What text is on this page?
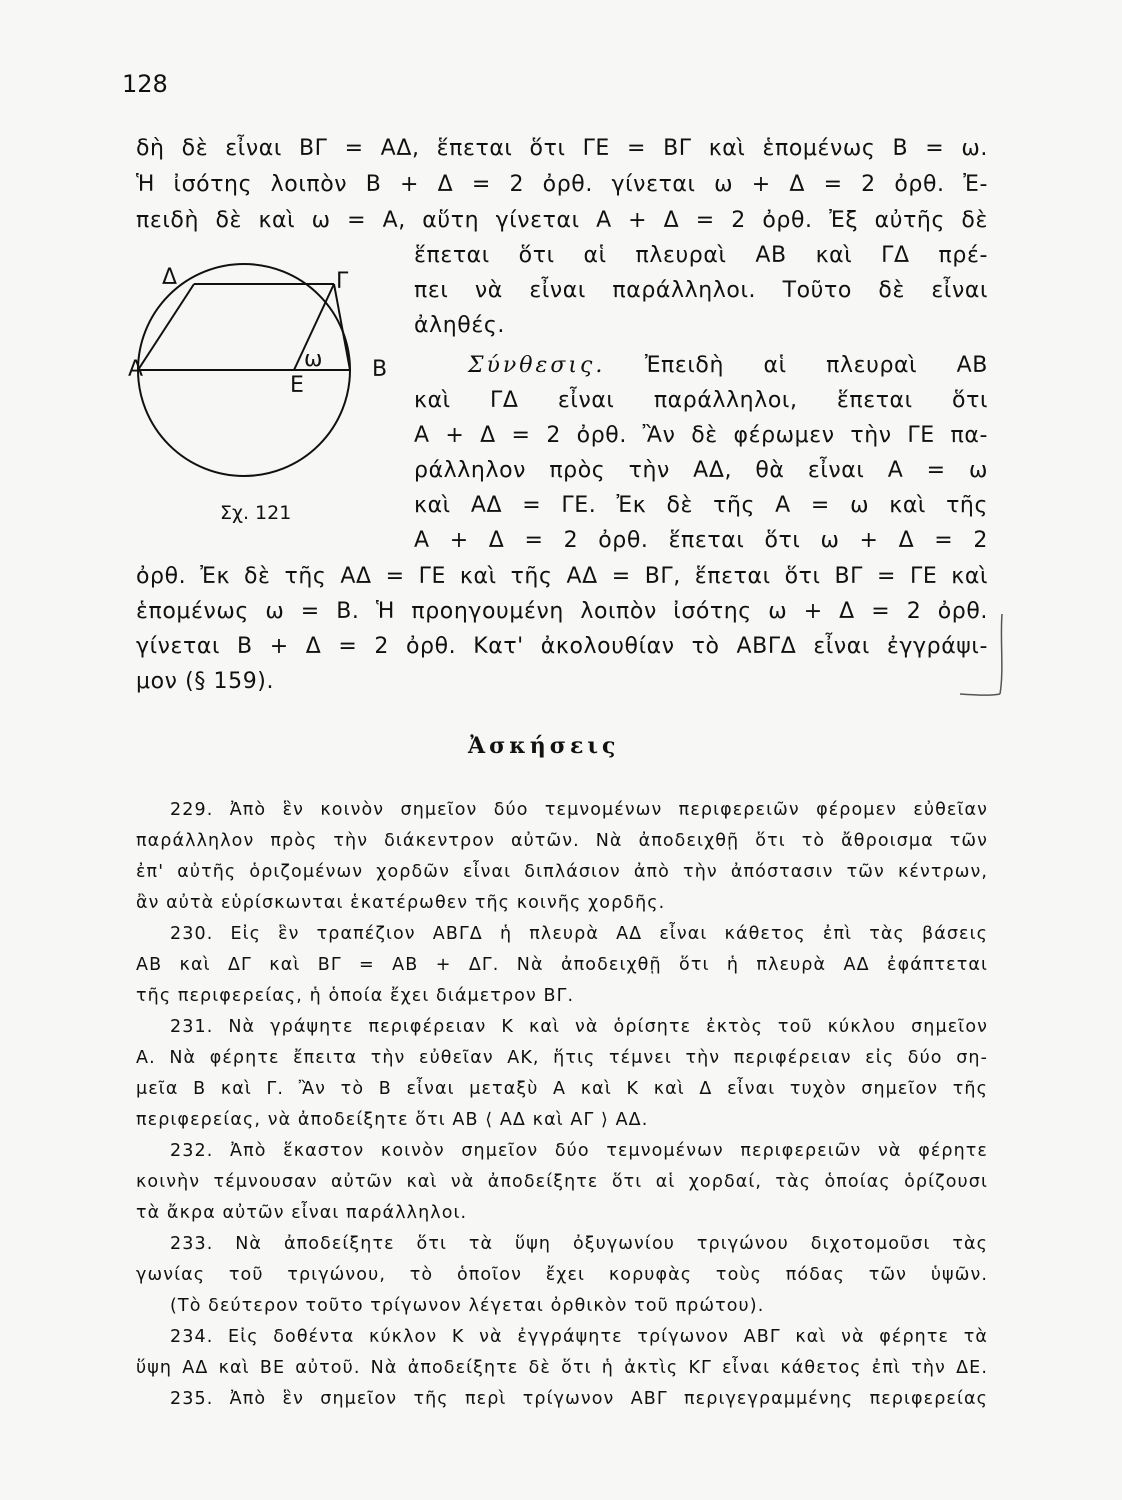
128
δὴ δὲ εἶναι ΒΓ = ΑΔ, ἕπεται ὅτι ΓΕ = ΒΓ καὶ ἑπομένως Β = ω.
Ἡ ἰσότης λοιπὸν Β + Δ = 2 ὀρθ. γίνεται ω + Δ = 2 ὀρθ. Ἐ-
πειδὴ δὲ καὶ ω = Α, αὕτη γίνεται Α + Δ = 2 ὀρθ. Ἐξ αὐτῆς δὲ
ἕπεται ὅτι αἱ πλευραὶ ΑΒ καὶ ΓΔ πρέ-
πει νὰ εἶναι παράλληλοι. Τοῦτο δὲ εἶναι
ἀληθές.
Σύνθεσις. Ἐπειδὴ αἱ πλευραὶ ΑΒ
καὶ ΓΔ εἶναι παράλληλοι, ἕπεται ὅτι
Α + Δ = 2 ὀρθ. Ἂν δὲ φέρωμεν τὴν ΓΕ πα-
ράλληλον πρὸς τὴν ΑΔ, θὰ εἶναι Α = ω
καὶ ΑΔ = ΓΕ. Ἐκ δὲ τῆς Α = ω καὶ τῆς
Α + Δ = 2 ὀρθ. ἕπεται ὅτι ω + Δ = 2
ὀρθ. Ἐκ δὲ τῆς ΑΔ = ΓΕ καὶ τῆς ΑΔ = ΒΓ, ἕπεται ὅτι ΒΓ = ΓΕ καὶ
ἑπομένως ω = Β. Ἡ προηγουμένη λοιπὸν ἰσότης ω + Δ = 2 ὀρθ.
γίνεται Β + Δ = 2 ὀρθ. Κατ' ἀκολουθίαν τὸ ΑΒΓΔ εἶναι ἐγγράψι-
μον (§ 159).
Δ	Γ
Α	Β
Ε
ω
Σχ. 121
Ἀσκήσεις
229. Ἀπὸ ἓν κοινὸν σημεῖον δύο τεμνομένων περιφερειῶν φέρομεν εὐθεῖαν
παράλληλον πρὸς τὴν διάκεντρον αὐτῶν. Νὰ ἀποδειχθῇ ὅτι τὸ ἄθροισμα τῶν
ἐπ' αὐτῆς ὁριζομένων χορδῶν εἶναι διπλάσιον ἀπὸ τὴν ἀπόστασιν τῶν κέντρων,
ἂν αὐτὰ εὑρίσκωνται ἑκατέρωθεν τῆς κοινῆς χορδῆς.
230. Εἰς ἓν τραπέζιον ΑΒΓΔ ἡ πλευρὰ ΑΔ εἶναι κάθετος ἐπὶ τὰς βάσεις
ΑΒ καὶ ΔΓ καὶ ΒΓ = ΑΒ + ΔΓ. Νὰ ἀποδειχθῇ ὅτι ἡ πλευρὰ ΑΔ ἐφάπτεται
τῆς περιφερείας, ἡ ὁποία ἔχει διάμετρον ΒΓ.
231. Νὰ γράψητε περιφέρειαν Κ καὶ νὰ ὁρίσητε ἐκτὸς τοῦ κύκλου σημεῖον
Α. Νὰ φέρητε ἔπειτα τὴν εὐθεῖαν ΑΚ, ἥτις τέμνει τὴν περιφέρειαν εἰς δύο ση-
μεῖα Β καὶ Γ. Ἂν τὸ Β εἶναι μεταξὺ Α καὶ Κ καὶ Δ εἶναι τυχὸν σημεῖον τῆς
περιφερείας, νὰ ἀποδείξητε ὅτι ΑΒ ⟨ ΑΔ καὶ ΑΓ ⟩ ΑΔ.
232. Ἀπὸ ἕκαστον κοινὸν σημεῖον δύο τεμνομένων περιφερειῶν νὰ φέρητε
κοινὴν τέμνουσαν αὐτῶν καὶ νὰ ἀποδείξητε ὅτι αἱ χορδαί, τὰς ὁποίας ὁρίζουσι
τὰ ἄκρα αὐτῶν εἶναι παράλληλοι.
233. Νὰ ἀποδείξητε ὅτι τὰ ὕψη ὀξυγωνίου τριγώνου διχοτομοῦσι τὰς
γωνίας τοῦ τριγώνου, τὸ ὁποῖον ἔχει κορυφὰς τοὺς πόδας τῶν ὑψῶν.
(Τὸ δεύτερον τοῦτο τρίγωνον λέγεται ὀρθικὸν τοῦ πρώτου).
234. Εἰς δοθέντα κύκλον Κ νὰ ἐγγράψητε τρίγωνον ΑΒΓ καὶ νὰ φέρητε τὰ
ὕψη ΑΔ καὶ ΒΕ αὐτοῦ. Νὰ ἀποδείξητε δὲ ὅτι ἡ ἀκτὶς ΚΓ εἶναι κάθετος ἐπὶ τὴν ΔΕ.
235. Ἀπὸ ἓν σημεῖον τῆς περὶ τρίγωνον ΑΒΓ περιγεγραμμένης περιφερείας
